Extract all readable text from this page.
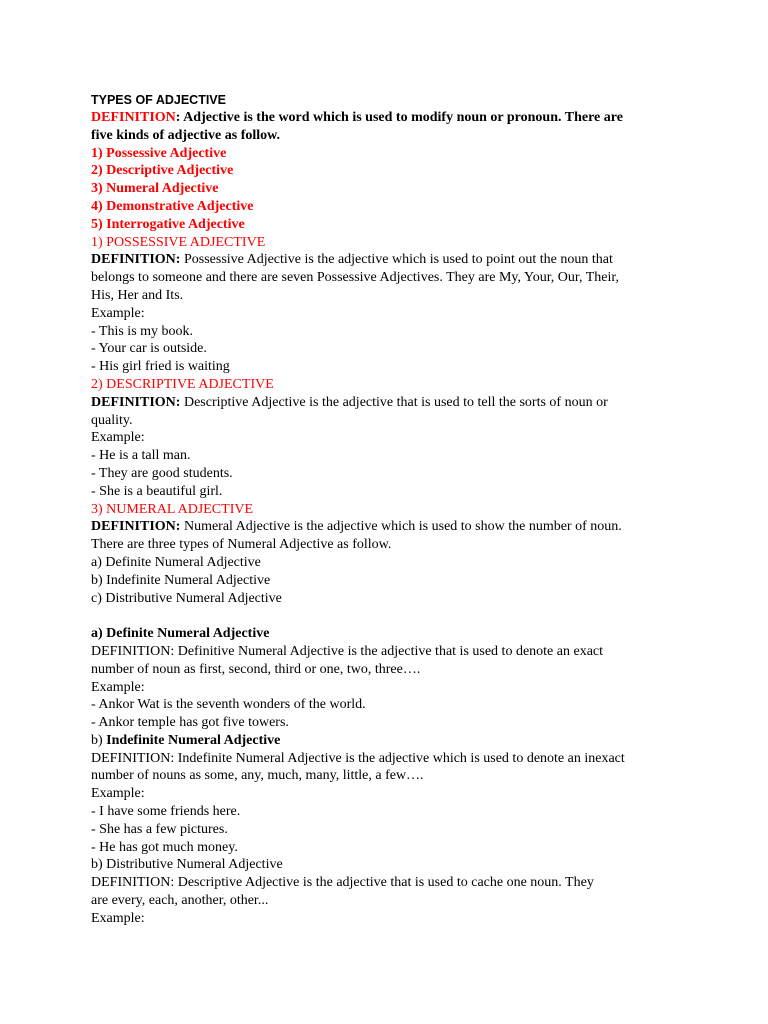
TYPES OF ADJECTIVE
DEFINITION: Adjective is the word which is used to modify noun or pronoun. There are
five kinds of adjective as follow.
1) Possessive Adjective
2) Descriptive Adjective
3) Numeral Adjective
4) Demonstrative Adjective
5) Interrogative Adjective
1) POSSESSIVE ADJECTIVE
DEFINITION: Possessive Adjective is the adjective which is used to point out the noun that
belongs to someone and there are seven Possessive Adjectives. They are My, Your, Our, Their,
His, Her and Its.
Example:
- This is my book.
- Your car is outside.
- His girl fried is waiting
2) DESCRIPTIVE ADJECTIVE
DEFINITION: Descriptive Adjective is the adjective that is used to tell the sorts of noun or
quality.
Example:
- He is a tall man.
- They are good students.
- She is a beautiful girl.
3) NUMERAL ADJECTIVE
DEFINITION: Numeral Adjective is the adjective which is used to show the number of noun.
There are three types of Numeral Adjective as follow.
a) Definite Numeral Adjective
b) Indefinite Numeral Adjective
c) Distributive Numeral Adjective
a) Definite Numeral Adjective
DEFINITION: Definitive Numeral Adjective is the adjective that is used to denote an exact
number of noun as first, second, third or one, two, three….
Example:
- Ankor Wat is the seventh wonders of the world.
- Ankor temple has got five towers.
b) Indefinite Numeral Adjective
DEFINITION: Indefinite Numeral Adjective is the adjective which is used to denote an inexact
number of nouns as some, any, much, many, little, a few….
Example:
- I have some friends here.
- She has a few pictures.
- He has got much money.
b) Distributive Numeral Adjective
DEFINITION: Descriptive Adjective is the adjective that is used to cache one noun. They
are every, each, another, other...
Example:
